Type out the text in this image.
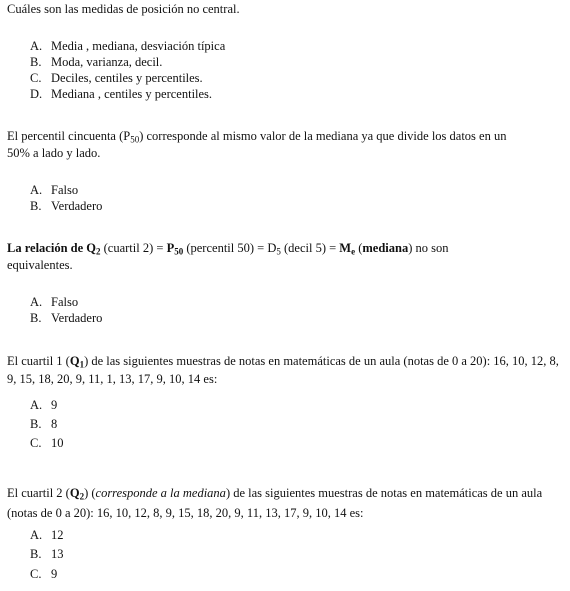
Cuáles son las medidas de posición no central.

A. Media , mediana, desviación típica

B. Moda, varianza, decil.

C. Deciles, centiles y percentiles.

D. Mediana , centiles y percentiles.

El percentil cincuenta $(P_{50})$ corresponde al mismo valor de la mediana ya que divide los datos en un 50% a lado y lado.

A. Falso

B. Verdadero

La relación de $Q_2$ (cuartil $2) = P_{50}$ (percentil $50) = D_5$ (decil $5) = M_e$ (mediana) no son equivalentes.

A. Falso

B. Verdadero

El cuartil 1 $(Q_1)$ de las siguientes muestras de notas en matemáticas de un aula (notas de 0 a 20): 16, 10, 12, 8, 9, 15, 18, 20, 9, 11, 1, 13, 17, 9, 10, 14 es:

A. 9

B. 8

C. 10

El cuartil 2 $(Q_2)$ (corresponde a la mediana) de las siguientes muestras de notas en matemáticas de un aula (notas de 0 a 20): 16, 10, 12, 8, 9, 15, 18, 20, 9, 11, 13, 17, 9, 10, 14 es:

A. 12

B. 13

C. 9
